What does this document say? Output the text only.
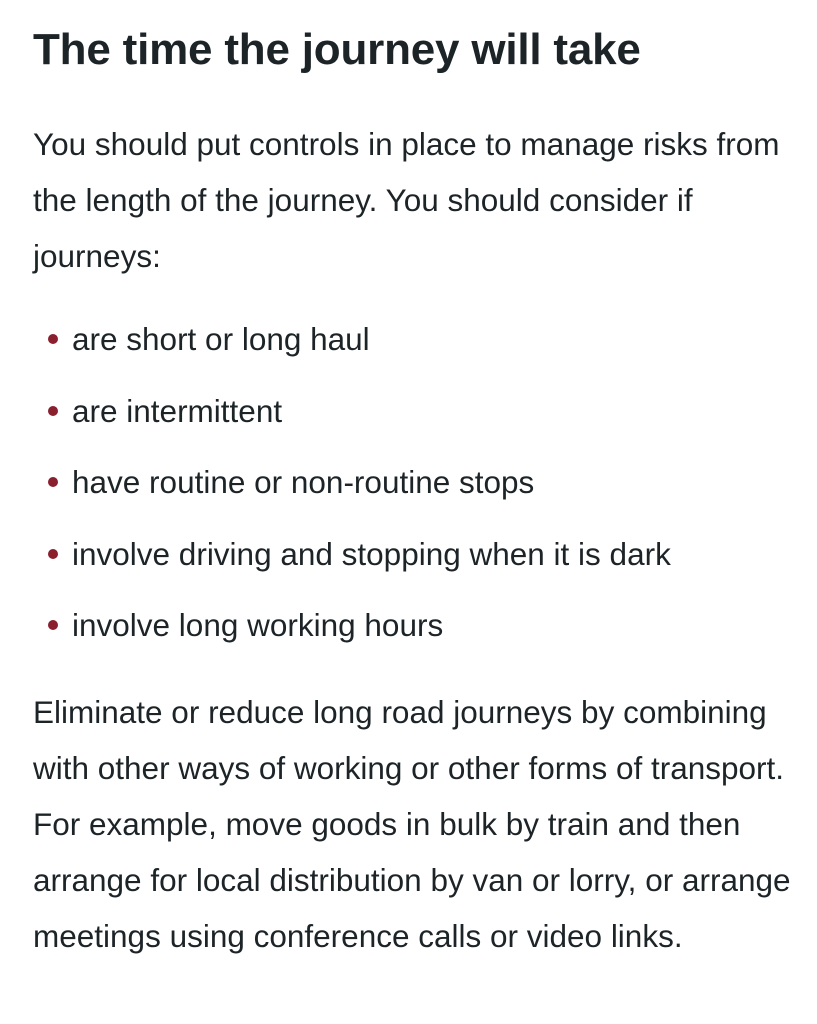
The time the journey will take

You should put controls in place to manage risks from the length of the journey. You should consider if journeys:

are short or long haul
are intermittent
have routine or non-routine stops
involve driving and stopping when it is dark
involve long working hours

Eliminate or reduce long road journeys by combining with other ways of working or other forms of transport. For example, move goods in bulk by train and then arrange for local distribution by van or lorry, or arrange meetings using conference calls or video links.
